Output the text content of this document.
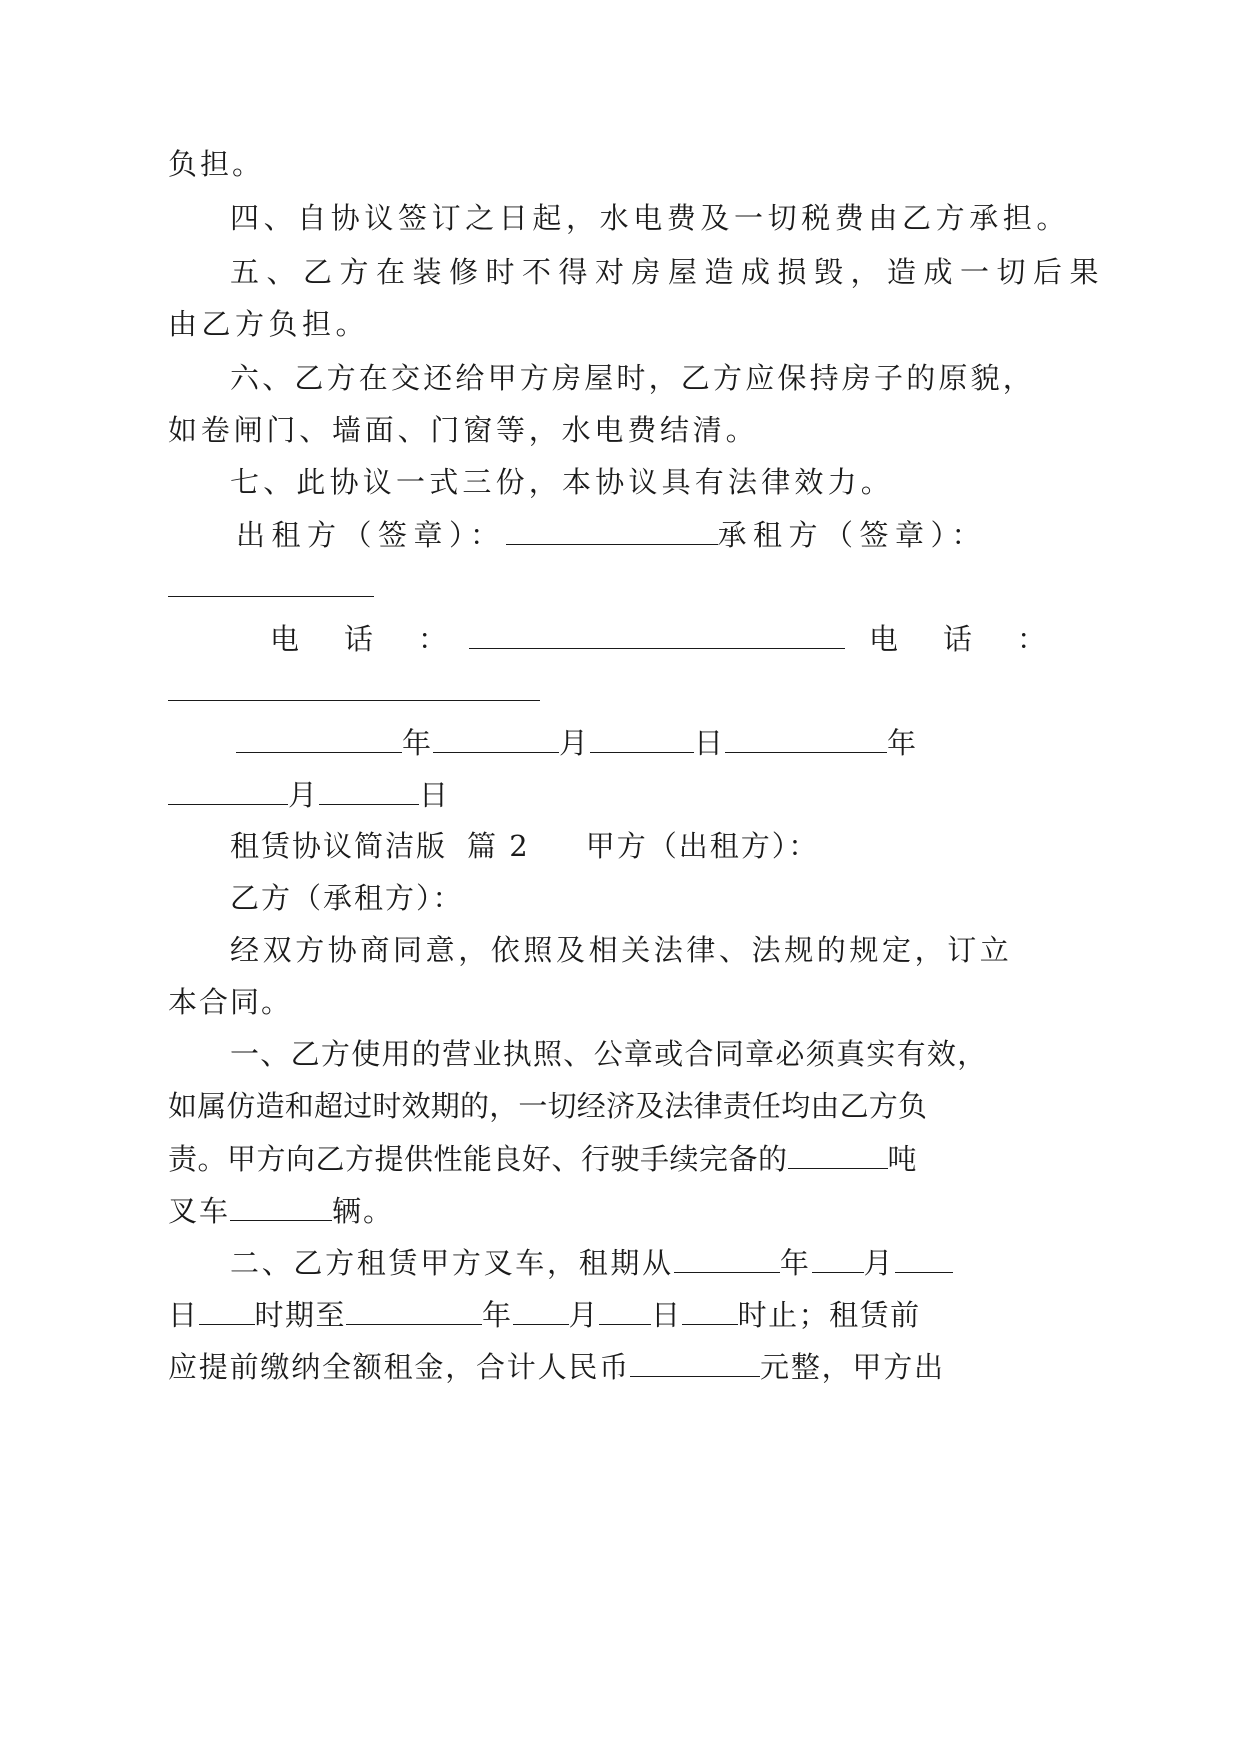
负担。
四、自协议签订之日起，水电费及一切税费由乙方承担。
五、乙方在装修时不得对房屋造成损毁，造成一切后果
由乙方负担。
六、乙方在交还给甲方房屋时，乙方应保持房子的原貌，
如卷闸门、墙面、门窗等，水电费结清。
七、此协议一式三份，本协议具有法律效力。
出租方（签章）：	承租方（签章）：
电　话　：	电　话　：
年	月	日	年
月	日
租赁协议简洁版 篇 2 甲方（出租方）：
乙方（承租方）：
经双方协商同意，依照及相关法律、法规的规定，订立
本合同。
一、乙方使用的营业执照、公章或合同章必须真实有效，
如属仿造和超过时效期的，一切经济及法律责任均由乙方负
责。甲方向乙方提供性能良好、行驶手续完备的	吨
叉车	辆。
二、乙方租赁甲方叉车，租期从	年 月
日 时期至	年 月 日 时止；租赁前
应提前缴纳全额租金，合计人民币	元整，甲方出
